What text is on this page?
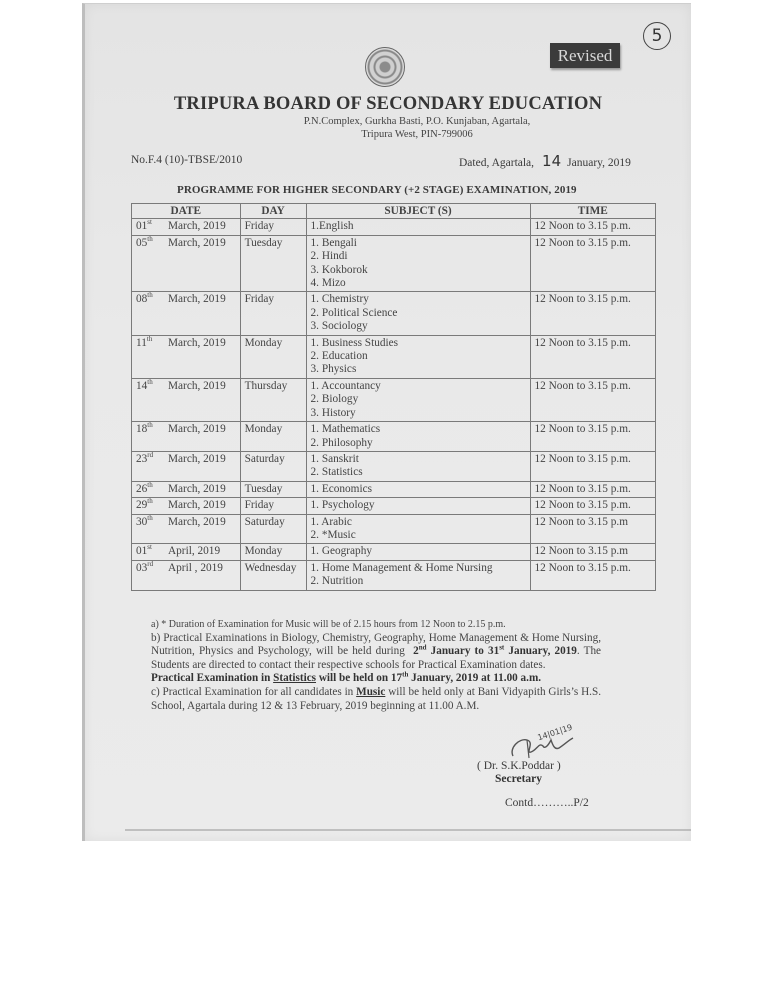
5
Revised
TRIPURA BOARD OF SECONDARY EDUCATION
P.N.Complex, Gurkha Basti, P.O. Kunjaban, Agartala,
Tripura West, PIN-799006
No.F.4 (10)-TBSE/2010	Dated, Agartala, 14 January, 2019
PROGRAMME FOR HIGHER SECONDARY (+2 STAGE) EXAMINATION, 2019
DATE	DAY	SUBJECT (S)	TIME
01st March, 2019	Friday	1.English	12 Noon to 3.15 p.m.
05th March, 2019	Tuesday	1. Bengali
2. Hindi
3. Kokborok
4. Mizo	12 Noon to 3.15 p.m.
08th March, 2019	Friday	1. Chemistry
2. Political Science
3. Sociology	12 Noon to 3.15 p.m.
11th March, 2019	Monday	1. Business Studies
2. Education
3. Physics	12 Noon to 3.15 p.m.
14th March, 2019	Thursday	1. Accountancy
2. Biology
3. History	12 Noon to 3.15 p.m.
18th March, 2019	Monday	1. Mathematics
2. Philosophy	12 Noon to 3.15 p.m.
23rd March, 2019	Saturday	1. Sanskrit
2. Statistics	12 Noon to 3.15 p.m.
26th March, 2019	Tuesday	1. Economics	12 Noon to 3.15 p.m.
29th March, 2019	Friday	1. Psychology	12 Noon to 3.15 p.m.
30th March, 2019	Saturday	1. Arabic
2. *Music	12 Noon to 3.15 p.m
01st April, 2019	Monday	1. Geography	12 Noon to 3.15 p.m
03rd April , 2019	Wednesday	1. Home Management & Home Nursing
2. Nutrition	12 Noon to 3.15 p.m.

a) * Duration of Examination for Music will be of 2.15 hours from 12 Noon to 2.15 p.m.

b) Practical Examinations in Biology, Chemistry, Geography, Home Management & Home Nursing, Nutrition, Physics and Psychology, will be held during 2nd January to 31st January, 2019. The Students are directed to contact their respective schools for Practical Examination dates.

Practical Examination in Statistics will be held on 17th January, 2019 at 11.00 a.m.

c) Practical Examination for all candidates in Music will be held only at Bani Vidyapith Girls’s H.S. School, Agartala during 12 & 13 February, 2019 beginning at 11.00 A.M.

14|01|19
( Dr. S.K.Poddar )
Secretary
Contd………..P/2
